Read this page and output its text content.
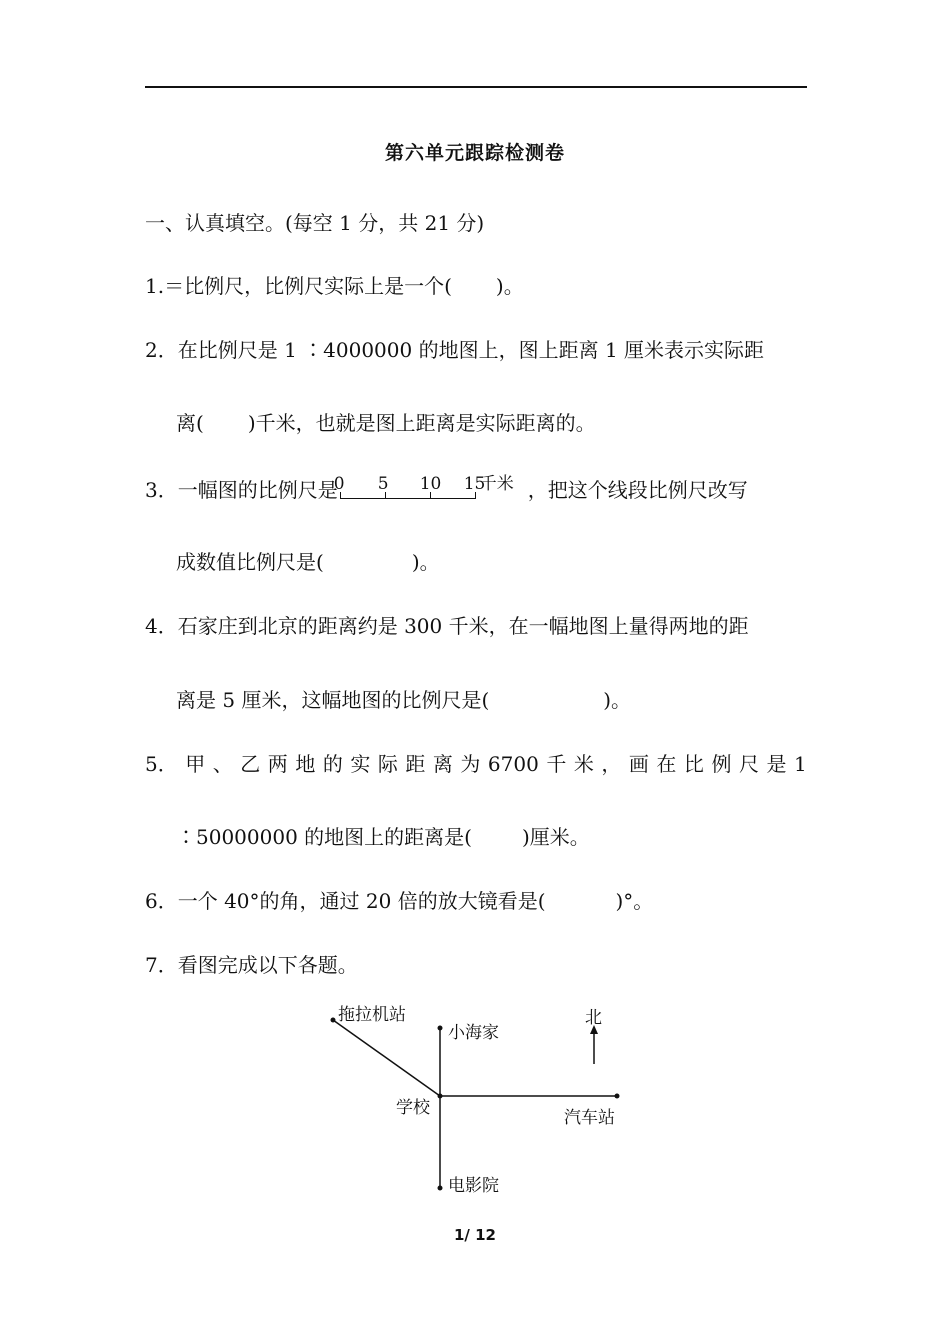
第六单元跟踪检测卷
一、认真填空。(每空 1 分，共 21 分)
1.＝比例尺，比例尺实际上是一个( )。
2．在比例尺是 1 ∶4000000 的地图上，图上距离 1 厘米表示实际距
离( )千米，也就是图上距离是实际距离的。
3．一幅图的比例尺是
0 5 10 15
千米 ，把这个线段比例尺改写
成数值比例尺是(	)。
4．石家庄到北京的距离约是 300 千米，在一幅地图上量得两地的距
离是 5 厘米，这幅地图的比例尺是(	)。
5． 甲 、 乙 两 地 的 实 际 距 离 为 6700 千 米 ， 画 在 比 例 尺 是 1
∶50000000 的地图上的距离是(	)厘米。
6．一个 40°的角，通过 20 倍的放大镜看是(	)°。
7．看图完成以下各题。
拖拉机站
小海家
北
学校	汽车站
电影院
1/ 12
